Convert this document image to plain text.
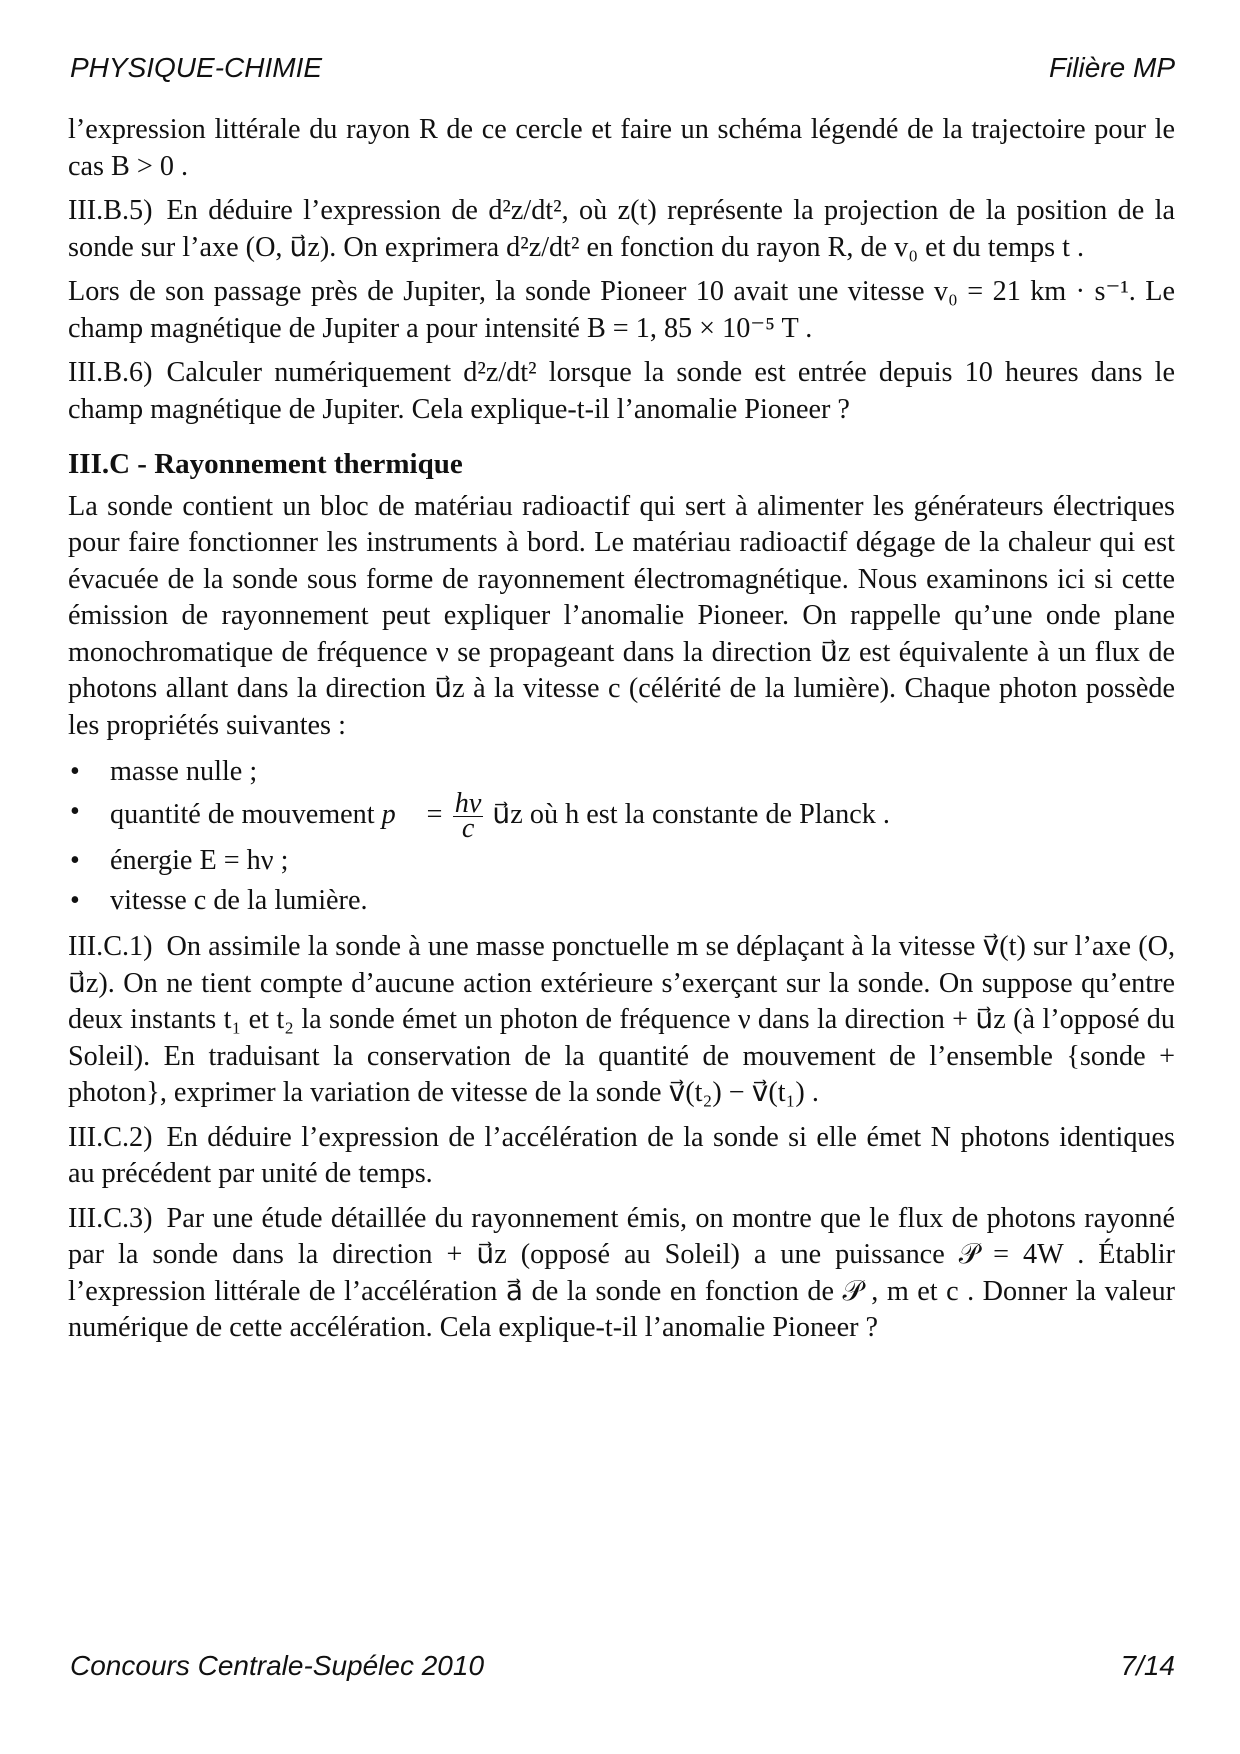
PHYSIQUE-CHIMIE	Filière MP

l’expression littérale du rayon R de ce cercle et faire un schéma légendé de la trajectoire pour le cas B > 0 .

III.B.5) En déduire l’expression de d²z/dt², où z(t) représente la projection de la position de la sonde sur l’axe (O, u⃗z). On exprimera d²z/dt² en fonction du rayon R, de v₀ et du temps t .

Lors de son passage près de Jupiter, la sonde Pioneer 10 avait une vitesse v₀ = 21 km · s⁻¹. Le champ magnétique de Jupiter a pour intensité B = 1, 85 × 10⁻⁵ T .

III.B.6) Calculer numériquement d²z/dt² lorsque la sonde est entrée depuis 10 heures dans le champ magnétique de Jupiter. Cela explique-t-il l’anomalie Pioneer ?

III.C - Rayonnement thermique

La sonde contient un bloc de matériau radioactif qui sert à alimenter les générateurs électriques pour faire fonctionner les instruments à bord. Le matériau radioactif dégage de la chaleur qui est évacuée de la sonde sous forme de rayonnement électromagnétique. Nous examinons ici si cette émission de rayonnement peut expliquer l’anomalie Pioneer. On rappelle qu’une onde plane monochromatique de fréquence ν se propageant dans la direction u⃗z est équivalente à un flux de photons allant dans la direction u⃗z à la vitesse c (célérité de la lumière). Chaque photon possède les propriétés suivantes :

• masse nulle ;
• quantité de mouvement p⃗ = $\frac{h\nu}{c}$ u⃗z où h est la constante de Planck .
• énergie E = hν ;
• vitesse c de la lumière.

III.C.1) On assimile la sonde à une masse ponctuelle m se déplaçant à la vitesse v⃗(t) sur l’axe (O, u⃗z). On ne tient compte d’aucune action extérieure s’exerçant sur la sonde. On suppose qu’entre deux instants t₁ et t₂ la sonde émet un photon de fréquence ν dans la direction + u⃗z (à l’opposé du Soleil). En traduisant la conservation de la quantité de mouvement de l’ensemble {sonde + photon}, exprimer la variation de vitesse de la sonde v⃗(t₂) − v⃗(t₁) .

III.C.2) En déduire l’expression de l’accélération de la sonde si elle émet N photons identiques au précédent par unité de temps.

III.C.3) Par une étude détaillée du rayonnement émis, on montre que le flux de photons rayonné par la sonde dans la direction + u⃗z (opposé au Soleil) a une puissance 𝒫 = 4W . Établir l’expression littérale de l’accélération a⃗ de la sonde en fonction de 𝒫 , m et c . Donner la valeur numérique de cette accélération. Cela explique-t-il l’anomalie Pioneer ?

Concours Centrale-Supélec 2010	7/14
